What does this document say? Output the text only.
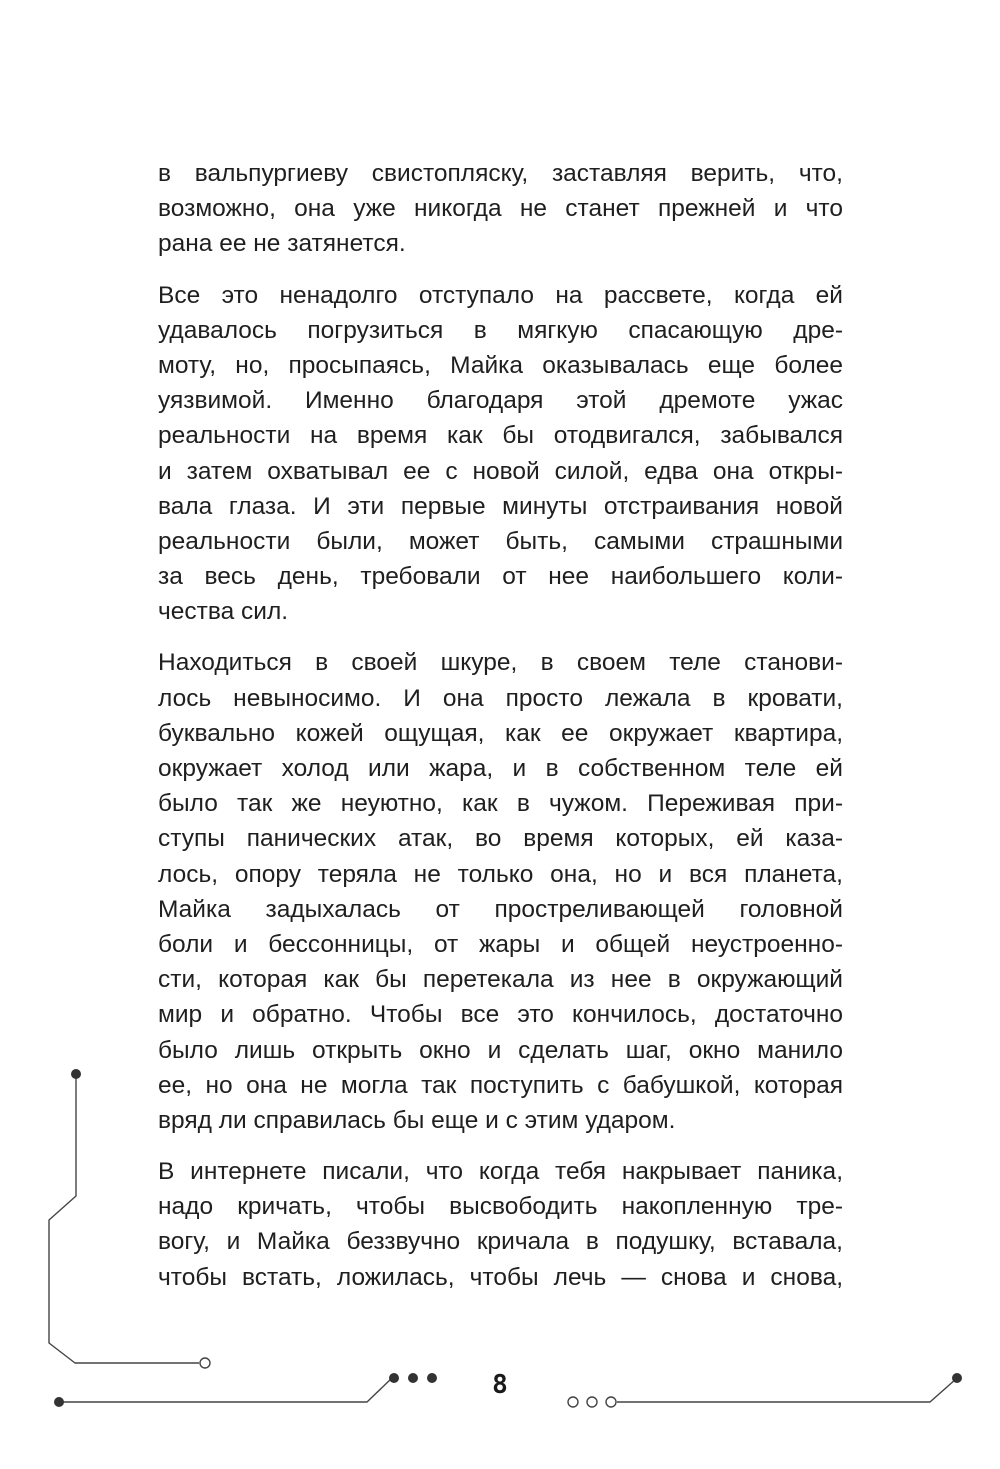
в вальпургиеву свистопляску, заставляя верить, что,
возможно, она уже никогда не станет прежней и что
рана ее не затянется.
Все это ненадолго отступало на рассвете, когда ей
удавалось погрузиться в мягкую спасающую дре-
моту, но, просыпаясь, Майка оказывалась еще более
уязвимой. Именно благодаря этой дремоте ужас
реальности на время как бы отодвигался, забывался
и затем охватывал ее с новой силой, едва она откры-
вала глаза. И эти первые минуты отстраивания новой
реальности были, может быть, самыми страшными
за весь день, требовали от нее наибольшего коли-
чества сил.
Находиться в своей шкуре, в своем теле станови-
лось невыносимо. И она просто лежала в кровати,
буквально кожей ощущая, как ее окружает квартира,
окружает холод или жара, и в собственном теле ей
было так же неуютно, как в чужом. Переживая при-
ступы панических атак, во время которых, ей каза-
лось, опору теряла не только она, но и вся планета,
Майка задыхалась от простреливающей головной
боли и бессонницы, от жары и общей неустроенно-
сти, которая как бы перетекала из нее в окружающий
мир и обратно. Чтобы все это кончилось, достаточно
было лишь открыть окно и сделать шаг, окно манило
ее, но она не могла так поступить с бабушкой, которая
вряд ли справилась бы еще и с этим ударом.
В интернете писали, что когда тебя накрывает паника,
надо кричать, чтобы высвободить накопленную тре-
вогу, и Майка беззвучно кричала в подушку, вставала,
чтобы встать, ложилась, чтобы лечь — снова и снова,
8
